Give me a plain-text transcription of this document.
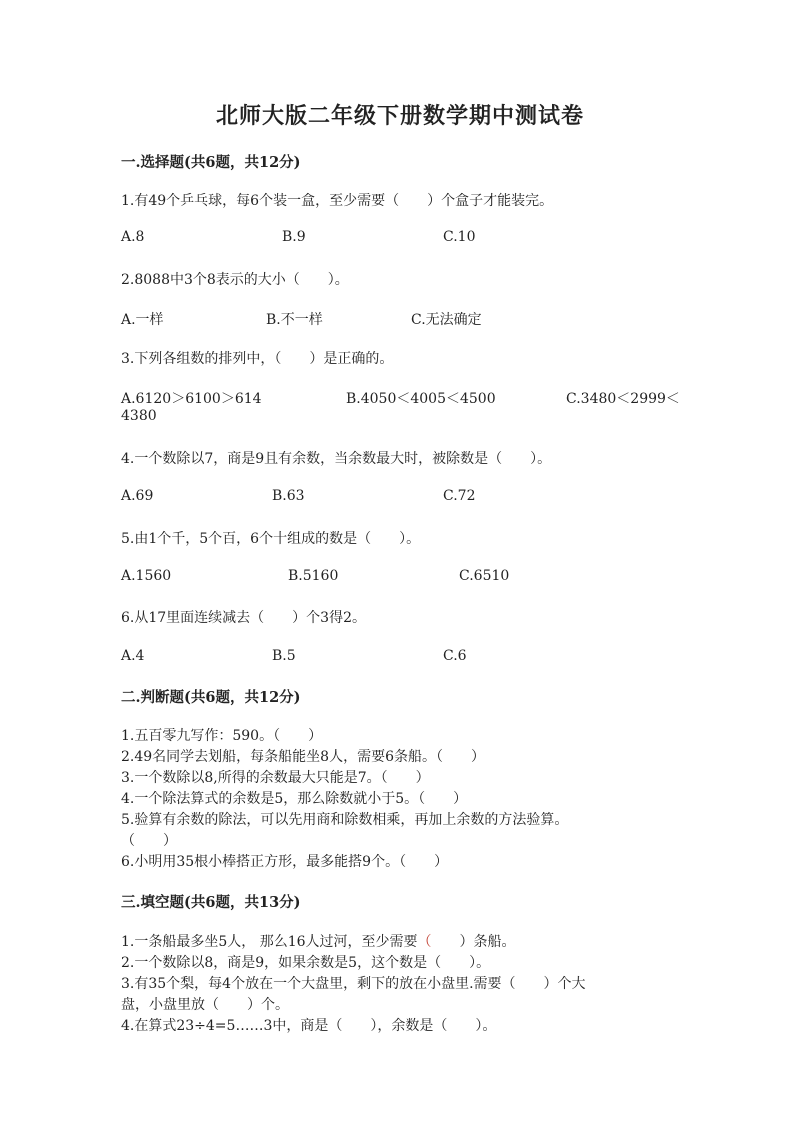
北师大版二年级下册数学期中测试卷
一.选择题(共6题，共12分)
1.有49个乒乓球，每6个装一盒，至少需要（　　）个盒子才能装完。
A.8	B.9	C.10
2.8088中3个8表示的大小（　　）。
A.一样	B.不一样	C.无法确定
3.下列各组数的排列中，（　　）是正确的。
A.6120＞6100＞614	B.4050＜4005＜4500	C.3480＜2999＜
4380
4.一个数除以7，商是9且有余数，当余数最大时，被除数是（　　）。
A.69	B.63	C.72
5.由1个千，5个百，6个十组成的数是（　　）。
A.1560	B.5160	C.6510
6.从17里面连续减去（　　）个3得2。
A.4	B.5	C.6
二.判断题(共6题，共12分)
1.五百零九写作：590。（　　）
2.49名同学去划船，每条船能坐8人，需要6条船。（　　）
3.一个数除以8,所得的余数最大只能是7。（　　）
4.一个除法算式的余数是5，那么除数就小于5。（　　）
5.验算有余数的除法，可以先用商和除数相乘，再加上余数的方法验算。
（　　）
6.小明用35根小棒搭正方形，最多能搭9个。（　　）
三.填空题(共6题，共13分)
1.一条船最多坐5人， 那么16人过河，至少需要（　　）条船。
2.一个数除以8，商是9，如果余数是5，这个数是（　　）。
3.有35个梨，每4个放在一个大盘里，剩下的放在小盘里.需要（　　）个大
盘，小盘里放（　　）个。
4.在算式23÷4=5……3中，商是（　　），余数是（　　）。
